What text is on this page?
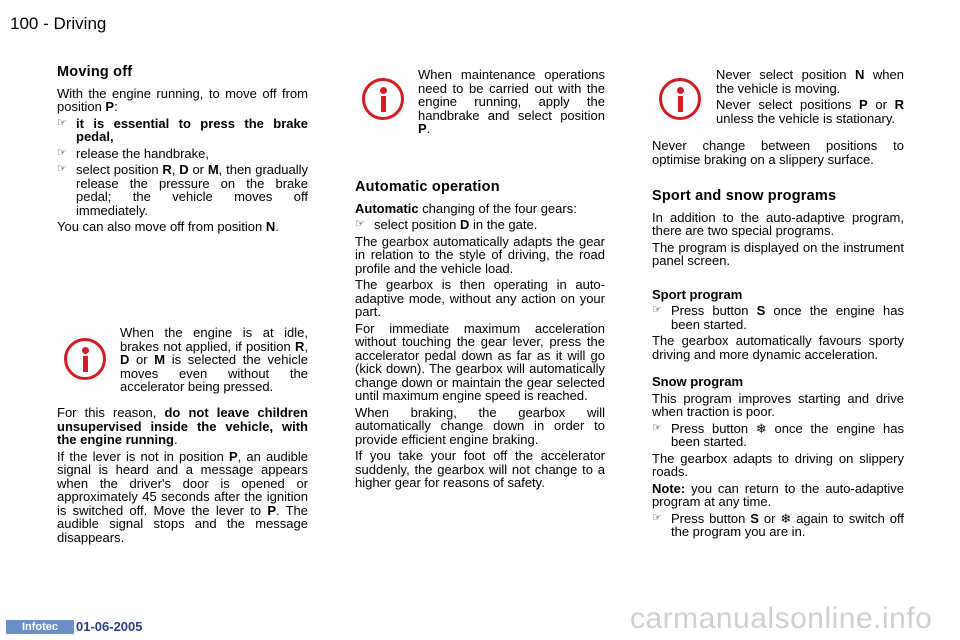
100 - Driving
Moving off

With the engine running, to move off from position P:

☞ it is essential to press the brake pedal,
☞ release the handbrake,
☞ select position R, D or M, then gradually release the pressure on the brake pedal; the vehicle moves off immediately.

You can also move off from position N.

When the engine is at idle, brakes not applied, if position R, D or M is selected the vehicle moves even without the accelerator being pressed.

For this reason, do not leave children unsupervised inside the vehicle, with the engine running.

If the lever is not in position P, an audible signal is heard and a message appears when the driver's door is opened or approximately 45 seconds after the ignition is switched off. Move the lever to P. The audible signal stops and the message disappears.

When maintenance operations need to be carried out with the engine running, apply the handbrake and select position P.

Automatic operation

Automatic changing of the four gears:

☞ select position D in the gate.

The gearbox automatically adapts the gear in relation to the style of driving, the road profile and the vehicle load.

The gearbox is then operating in auto-adaptive mode, without any action on your part.

For immediate maximum acceleration without touching the gear lever, press the accelerator pedal down as far as it will go (kick down). The gearbox will automatically change down or maintain the gear selected until maximum engine speed is reached.

When braking, the gearbox will automatically change down in order to provide efficient engine braking.

If you take your foot off the accelerator suddenly, the gearbox will not change to a higher gear for reasons of safety.

Never select position N when the vehicle is moving.

Never select positions P or R unless the vehicle is stationary.

Never change between positions to optimise braking on a slippery surface.

Sport and snow programs

In addition to the auto-adaptive program, there are two special programs.

The program is displayed on the instrument panel screen.

Sport program
☞ Press button S once the engine has been started.

The gearbox automatically favours sporty driving and more dynamic acceleration.

Snow program

This program improves starting and drive when traction is poor.

☞ Press button ❄ once the engine has been started.

The gearbox adapts to driving on slippery roads.

Note: you can return to the auto-adaptive program at any time.

☞ Press button S or ❄ again to switch off the program you are in.
Infotec	01-06-2005	carmanualsonline.info
